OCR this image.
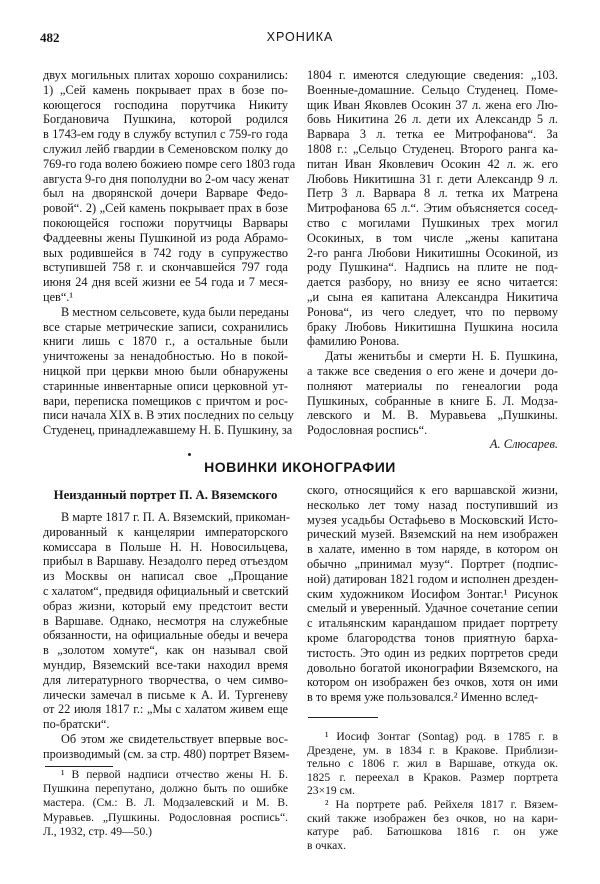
482	ХРОНИКА
двух могильных плитах хорошо сохранились:
1) „Сей камень покрывает прах в бозе по-
коющегося господина порутчика Никиту
Богдановича Пушкина, которой родился
в 1743-ем году в службу вступил с 759-го года
служил лейб гвардии в Семеновском полку до
769-го года волею божиею помре сего 1803 года
августа 9-го дня пополудни во 2-ом часу женат
был на дворянской дочери Варваре Федо-
ровой“. 2) „Сей камень покрывает прах в бозе
покоющейся госпожи порутчицы Варвары
Фаддеевны жены Пушкиной из рода Абрамо-
вых родившейся в 742 году в супружество
вступившей 758 г. и скончавшейся 797 года
июня 24 дня всей жизни ее 54 года и 7 меся-
цев“.¹
В местном сельсовете, куда были переданы
все старые метрические записи, сохранились
книги лишь с 1870 г., а остальные были
уничтожены за ненадобностью. Но в покой-
ницкой при церкви мною были обнаружены
старинные инвентарные описи церковной ут-
вари, переписка помещиков с причтом и рос-
писи начала XIX в. В этих последних по сельцу
Студенец, принадлежавшему Н. Б. Пушкину, за
1804 г. имеются следующие сведения: „103.
Военные-домашние. Сельцо Студенец. Поме-
щик Иван Яковлев Осокин 37 л. жена его Лю-
бовь Никитина 26 л. дети их Александр 5 л.
Варвара 3 л. тетка ее Митрофанова“. За
1808 г.: „Сельцо Студенец. Второго ранга ка-
питан Иван Яковлевич Осокин 42 л. ж. его
Любовь Никитишна 31 г. дети Александр 9 л.
Петр 3 л. Варвара 8 л. тетка их Матрена
Митрофанова 65 л.“. Этим объясняется сосед-
ство с могилами Пушкиных трех могил
Осокиных, в том числе „жены капитана
2-го ранга Любови Никитишны Осокиной, из
роду Пушкина“. Надпись на плите не под-
дается разбору, но внизу ее ясно читается:
„и сына ея капитана Александра Никитича
Ронова“, из чего следует, что по первому
браку Любовь Никитишна Пушкина носила
фамилию Ронова.
Даты женитьбы и смерти Н. Б. Пушкина,
а также все сведения о его жене и дочери до-
полняют материалы по генеалогии рода
Пушкиных, собранные в книге Б. Л. Модза-
левского и М. В. Муравьева „Пушкины.
Родословная роспись“.
А. Слюсарев.
НОВИНКИ ИКОНОГРАФИИ
Неизданный портрет П. А. Вяземского
В марте 1817 г. П. А. Вяземский, прикоман-
дированный к канцелярии императорского
комиссара в Польше Н. Н. Новосильцева,
прибыл в Варшаву. Незадолго перед отъездом
из Москвы он написал свое „Прощание
с халатом“, предвидя официальный и светский
образ жизни, который ему предстоит вести
в Варшаве. Однако, несмотря на служебные
обязанности, на официальные обеды и вечера
в „золотом хомуте“, как он называл свой
мундир, Вяземский все-таки находил время
для литературного творчества, о чем симво-
лически замечал в письме к А. И. Тургеневу
от 22 июля 1817 г.: „Мы с халатом живем еще
по-братски“.
Об этом же свидетельствует впервые вос-
производимый (см. за стр. 480) портрет Вязем-
ского, относящийся к его варшавской жизни,
несколько лет тому назад поступивший из
музея усадьбы Остафьево в Московский Исто-
рический музей. Вяземский на нем изображен
в халате, именно в том наряде, в котором он
обычно „принимал музу“. Портрет (подпис-
ной) датирован 1821 годом и исполнен дрезден-
ским художником Иосифом Зонтаг.¹ Рисунок
смелый и уверенный. Удачное сочетание сепии
с итальянским карандашом придает портрету
кроме благородства тонов приятную барха-
тистость. Это один из редких портретов среди
довольно богатой иконографии Вяземского, на
котором он изображен без очков, хотя он ими
в то время уже пользовался.² Именно вслед-
¹ В первой надписи отчество жены Н. Б.
Пушкина перепутано, должно быть по ошибке
мастера. (См.: В. Л. Модзалевский и М. В.
Муравьев. „Пушкины. Родословная роспись“.
Л., 1932, стр. 49—50.)
¹ Иосиф Зонтаг (Sontag) род. в 1785 г. в
Дрездене, ум. в 1834 г. в Кракове. Приблизи-
тельно с 1806 г. жил в Варшаве, откуда ок.
1825 г. переехал в Краков. Размер портрета
23×19 см.
² На портрете раб. Рейхеля 1817 г. Вязем-
ский также изображен без очков, но на кари-
катуре раб. Батюшкова 1816 г. он уже
в очках.
